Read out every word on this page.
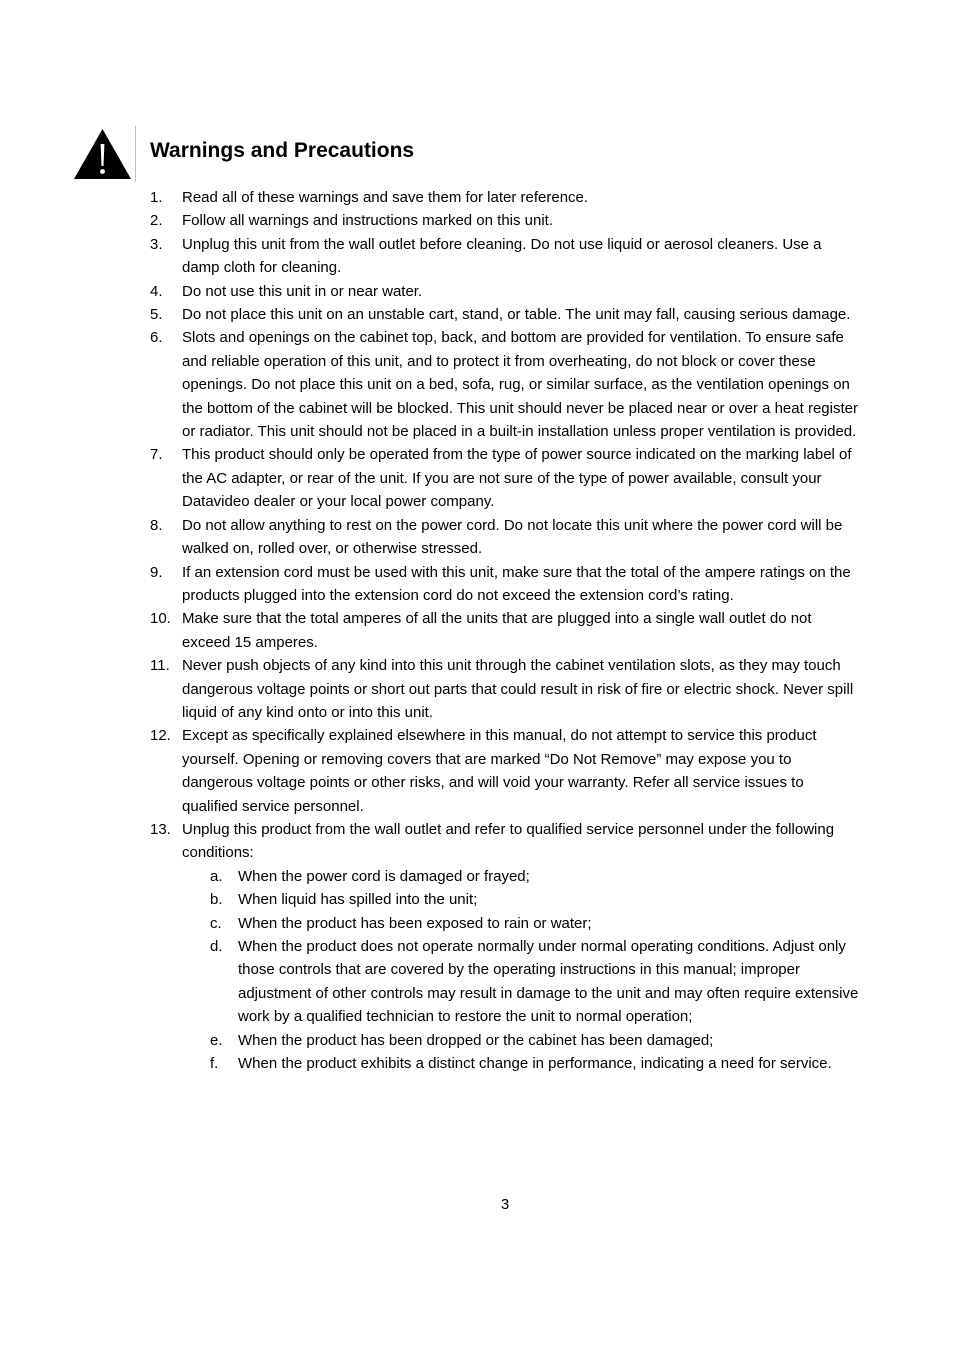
Warnings and Precautions
1.	Read all of these warnings and save them for later reference.
2.	Follow all warnings and instructions marked on this unit.
3.	Unplug this unit from the wall outlet before cleaning. Do not use liquid or aerosol cleaners. Use a damp cloth for cleaning.
4.	Do not use this unit in or near water.
5.	Do not place this unit on an unstable cart, stand, or table. The unit may fall, causing serious damage.
6.	Slots and openings on the cabinet top, back, and bottom are provided for ventilation. To ensure safe and reliable operation of this unit, and to protect it from overheating, do not block or cover these openings. Do not place this unit on a bed, sofa, rug, or similar surface, as the ventilation openings on the bottom of the cabinet will be blocked. This unit should never be placed near or over a heat register or radiator. This unit should not be placed in a built-in installation unless proper ventilation is provided.
7.	This product should only be operated from the type of power source indicated on the marking label of the AC adapter, or rear of the unit. If you are not sure of the type of power available, consult your Datavideo dealer or your local power company.
8.	Do not allow anything to rest on the power cord. Do not locate this unit where the power cord will be walked on, rolled over, or otherwise stressed.
9.	If an extension cord must be used with this unit, make sure that the total of the ampere ratings on the products plugged into the extension cord do not exceed the extension cord’s rating.
10. Make sure that the total amperes of all the units that are plugged into a single wall outlet do not exceed 15 amperes.
11. Never push objects of any kind into this unit through the cabinet ventilation slots, as they may touch dangerous voltage points or short out parts that could result in risk of fire or electric shock. Never spill liquid of any kind onto or into this unit.
12. Except as specifically explained elsewhere in this manual, do not attempt to service this product yourself. Opening or removing covers that are marked “Do Not Remove” may expose you to dangerous voltage points or other risks, and will void your warranty. Refer all service issues to qualified service personnel.
13. Unplug this product from the wall outlet and refer to qualified service personnel under the following conditions:
a. When the power cord is damaged or frayed;
b. When liquid has spilled into the unit;
c. When the product has been exposed to rain or water;
d. When the product does not operate normally under normal operating conditions. Adjust only those controls that are covered by the operating instructions in this manual; improper adjustment of other controls may result in damage to the unit and may often require extensive work by a qualified technician to restore the unit to normal operation;
e. When the product has been dropped or the cabinet has been damaged;
f. When the product exhibits a distinct change in performance, indicating a need for service.
3
